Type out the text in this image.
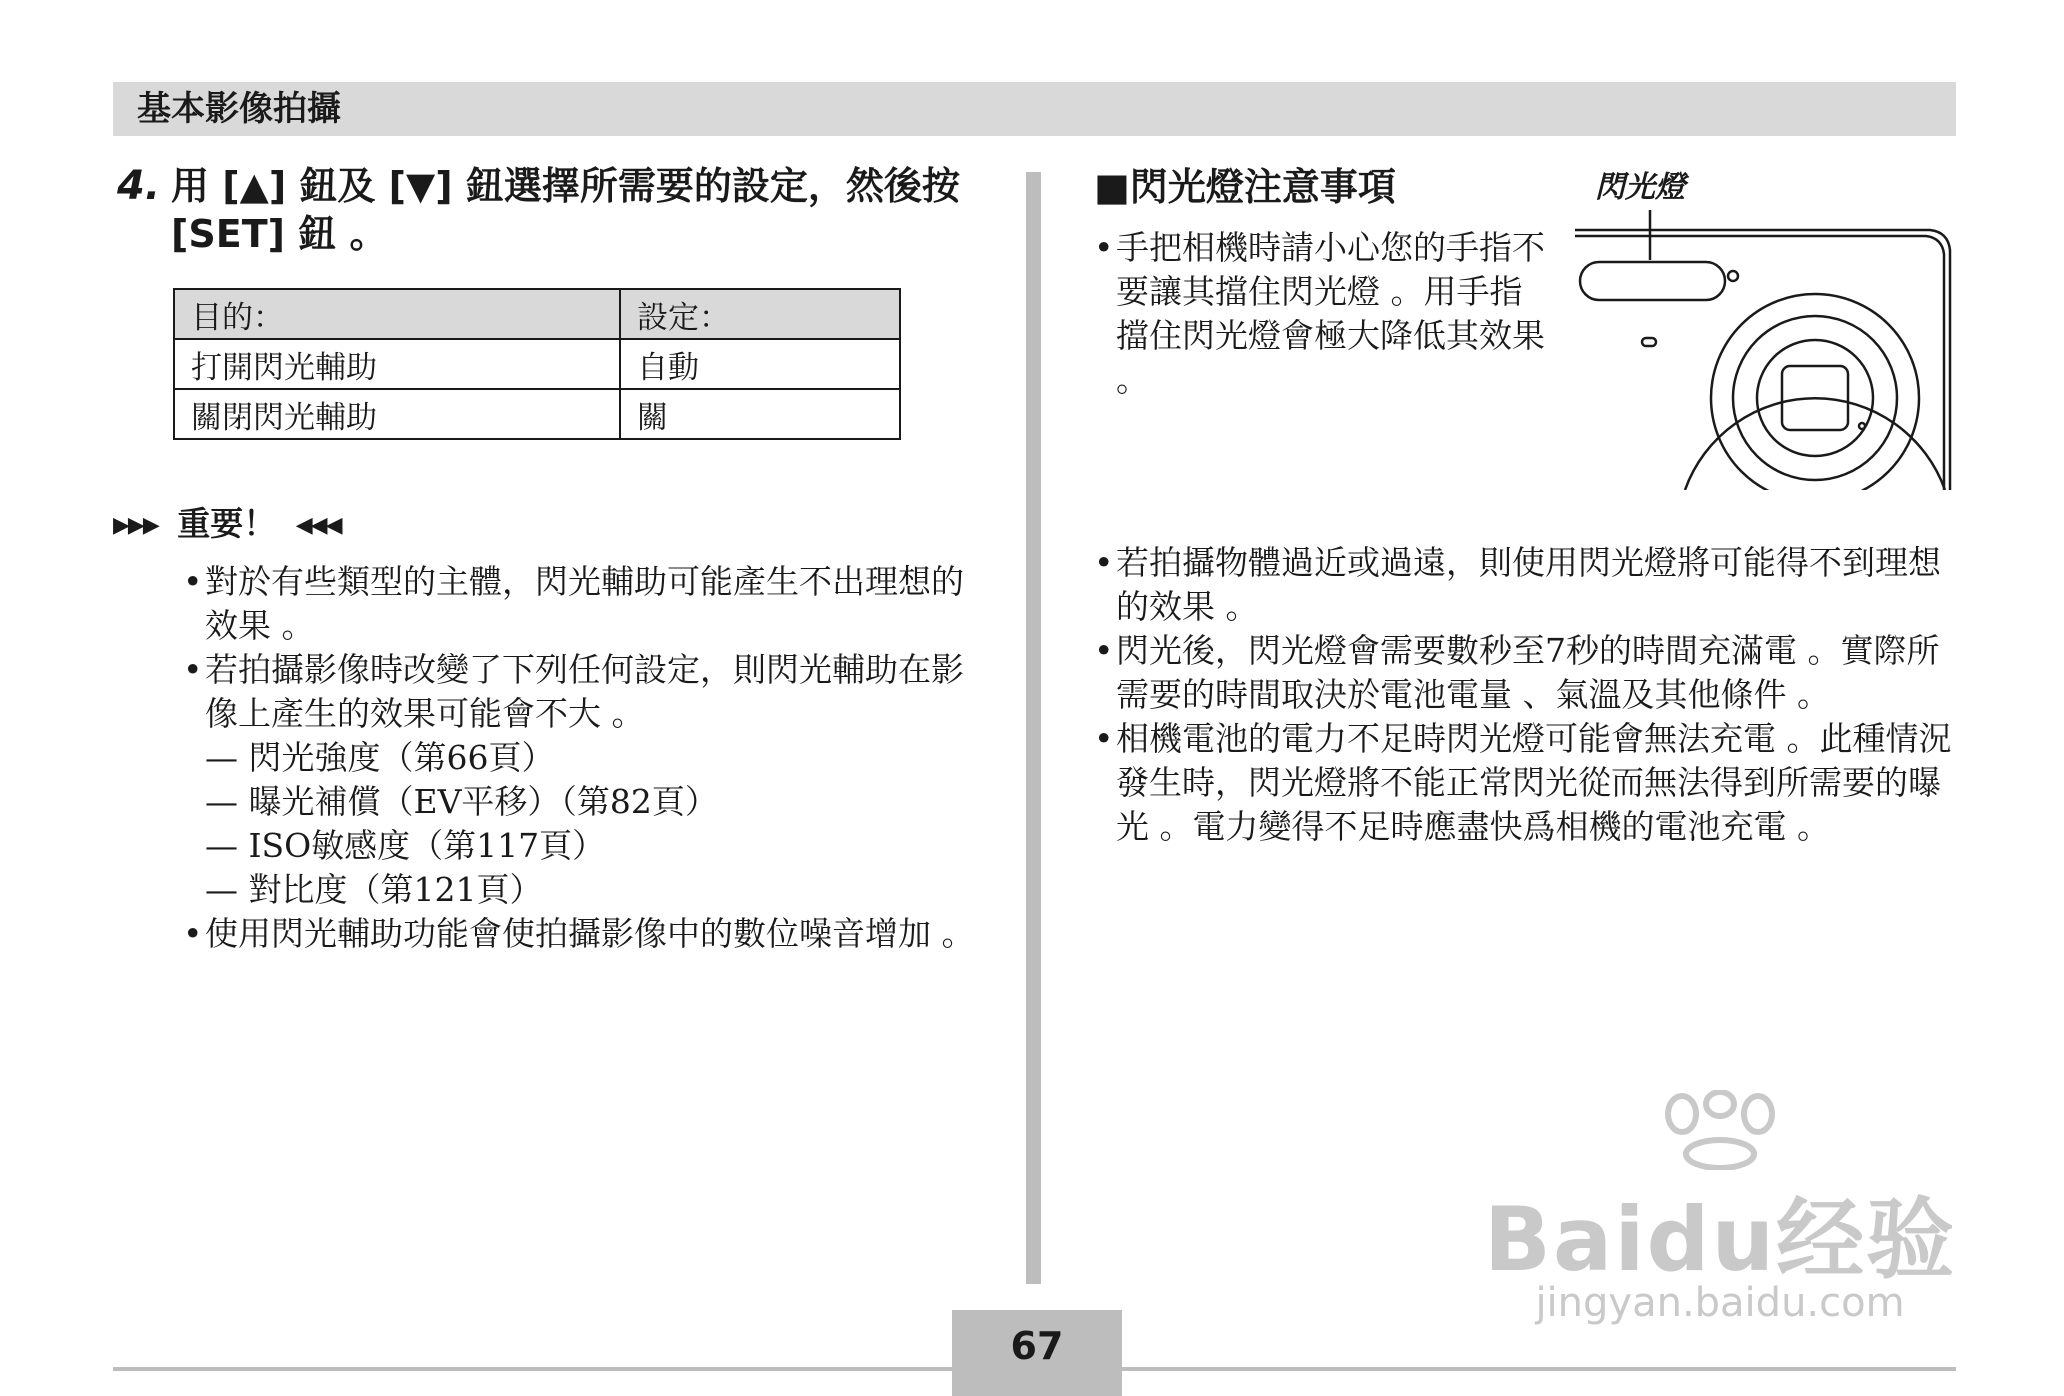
基本影像拍攝
4. 用 [▲] 鈕及 [▼] 鈕選擇所需要的設定，然後按 [SET] 鈕 。
目的：	設定：
打開閃光輔助	自動
關閉閃光輔助	關
▶▶▶ 重要！ ◀◀◀
• 對於有些類型的主體，閃光輔助可能產生不出理想的效果 。
• 若拍攝影像時改變了下列任何設定，則閃光輔助在影像上產生的效果可能會不大 。
— 閃光強度（第66頁）
— 曝光補償（EV平移）（第82頁）
— ISO敏感度（第117頁）
— 對比度（第121頁）
• 使用閃光輔助功能會使拍攝影像中的數位噪音增加 。
■閃光燈注意事項
• 手把相機時請小心您的手指不要讓其擋住閃光燈 。用手指擋住閃光燈會極大降低其效果 。
閃光燈
• 若拍攝物體過近或過遠，則使用閃光燈將可能得不到理想的效果 。
• 閃光後，閃光燈會需要數秒至7秒的時間充滿電 。實際所需要的時間取決於電池電量 、氣溫及其他條件 。
• 相機電池的電力不足時閃光燈可能會無法充電 。此種情況發生時，閃光燈將不能正常閃光從而無法得到所需要的曝光 。電力變得不足時應盡快爲相機的電池充電 。
Baidu经验
jingyan.baidu.com
67
